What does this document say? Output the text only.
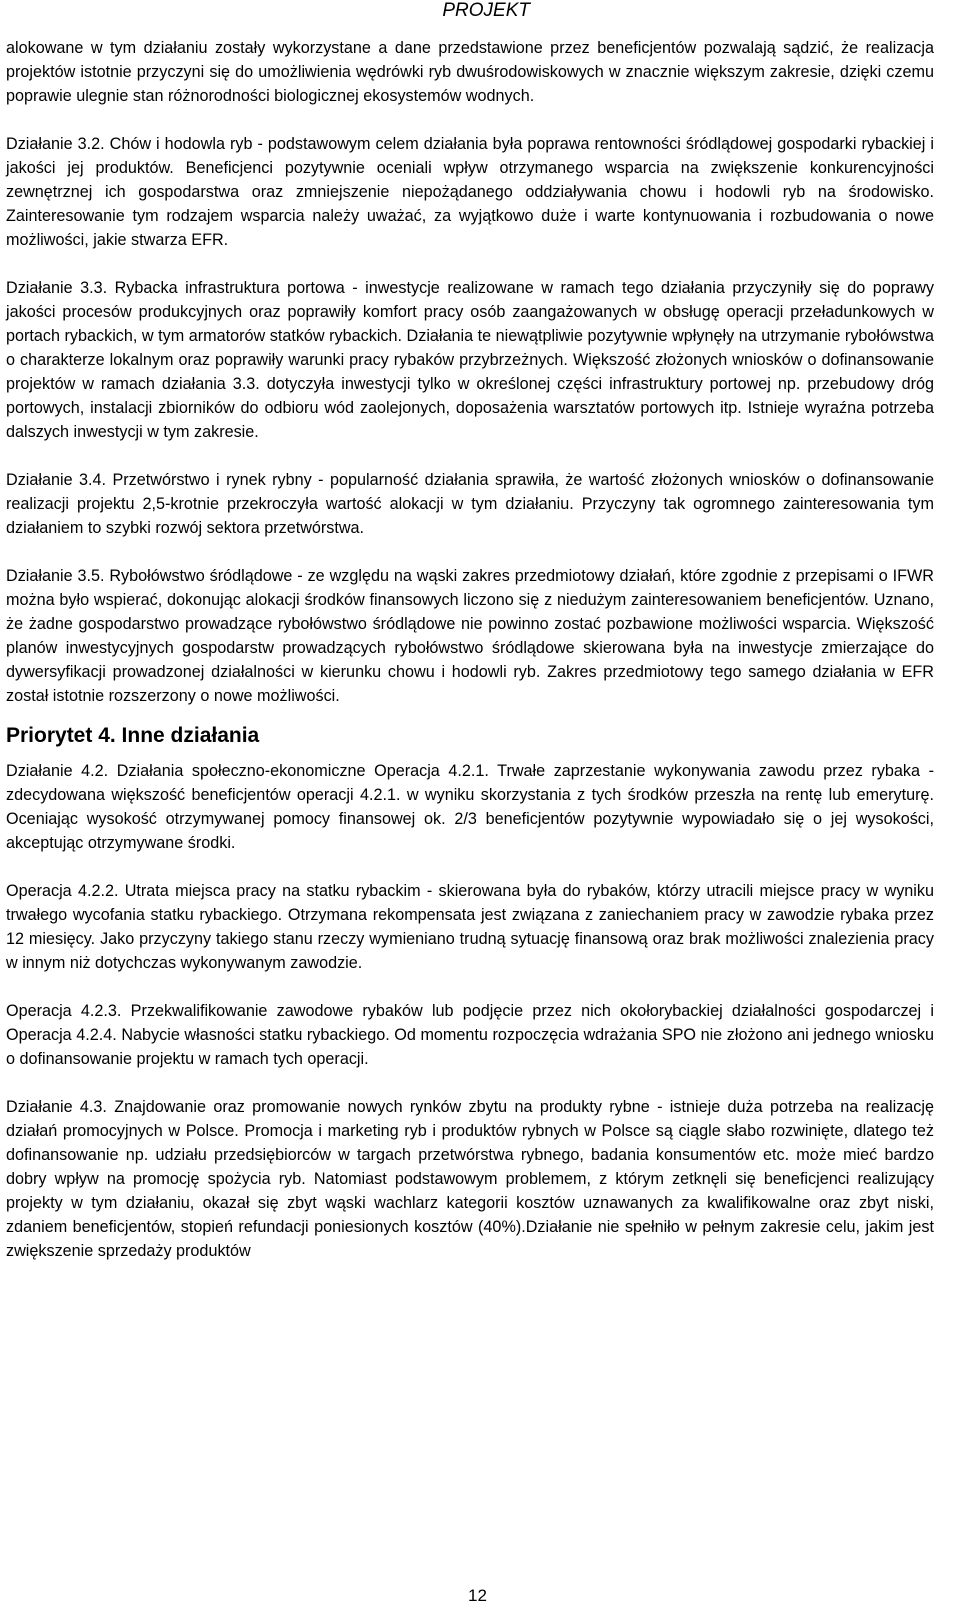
PROJEKT

alokowane w tym działaniu zostały wykorzystane a dane przedstawione przez beneficjentów pozwalają sądzić, że realizacja projektów istotnie przyczyni się do umożliwienia wędrówki ryb dwuśrodowiskowych w znacznie większym zakresie, dzięki czemu poprawie ulegnie stan różnorodności biologicznej ekosystemów wodnych.

Działanie 3.2. Chów i hodowla ryb - podstawowym celem działania była poprawa rentowności śródlądowej gospodarki rybackiej i jakości jej produktów. Beneficjenci pozytywnie oceniali wpływ otrzymanego wsparcia na zwiększenie konkurencyjności zewnętrznej ich gospodarstwa oraz zmniejszenie niepożądanego oddziaływania chowu i hodowli ryb na środowisko. Zainteresowanie tym rodzajem wsparcia należy uważać, za wyjątkowo duże i warte kontynuowania i rozbudowania o nowe możliwości, jakie stwarza EFR.

Działanie 3.3. Rybacka infrastruktura portowa - inwestycje realizowane w ramach tego działania przyczyniły się do poprawy jakości procesów produkcyjnych oraz poprawiły komfort pracy osób zaangażowanych w obsługę operacji przeładunkowych w portach rybackich, w tym armatorów statków rybackich. Działania te niewątpliwie pozytywnie wpłynęły na utrzymanie rybołówstwa o charakterze lokalnym oraz poprawiły warunki pracy rybaków przybrzeżnych. Większość złożonych wniosków o dofinansowanie projektów w ramach działania 3.3. dotyczyła inwestycji tylko w określonej części infrastruktury portowej np. przebudowy dróg portowych, instalacji zbiorników do odbioru wód zaolejonych, doposażenia warsztatów portowych itp. Istnieje wyraźna potrzeba dalszych inwestycji w tym zakresie.

Działanie 3.4. Przetwórstwo i rynek rybny - popularność działania sprawiła, że wartość złożonych wniosków o dofinansowanie realizacji projektu 2,5-krotnie przekroczyła wartość alokacji w tym działaniu. Przyczyny tak ogromnego zainteresowania tym działaniem to szybki rozwój sektora przetwórstwa.

Działanie 3.5. Rybołówstwo śródlądowe - ze względu na wąski zakres przedmiotowy działań, które zgodnie z przepisami o IFWR można było wspierać, dokonując alokacji środków finansowych liczono się z niedużym zainteresowaniem beneficjentów. Uznano, że żadne gospodarstwo prowadzące rybołówstwo śródlądowe nie powinno zostać pozbawione możliwości wsparcia. Większość planów inwestycyjnych gospodarstw prowadzących rybołówstwo śródlądowe skierowana była na inwestycje zmierzające do dywersyfikacji prowadzonej działalności w kierunku chowu i hodowli ryb. Zakres przedmiotowy tego samego działania w EFR został istotnie rozszerzony o nowe możliwości.

Priorytet 4. Inne działania

Działanie 4.2. Działania społeczno-ekonomiczne Operacja 4.2.1. Trwałe zaprzestanie wykonywania zawodu przez rybaka - zdecydowana większość beneficjentów operacji 4.2.1. w wyniku skorzystania z tych środków przeszła na rentę lub emeryturę. Oceniając wysokość otrzymywanej pomocy finansowej ok. 2/3 beneficjentów pozytywnie wypowiadało się o jej wysokości, akceptując otrzymywane środki.

Operacja 4.2.2. Utrata miejsca pracy na statku rybackim - skierowana była do rybaków, którzy utracili miejsce pracy w wyniku trwałego wycofania statku rybackiego. Otrzymana rekompensata jest związana z zaniechaniem pracy w zawodzie rybaka przez 12 miesięcy. Jako przyczyny takiego stanu rzeczy wymieniano trudną sytuację finansową oraz brak możliwości znalezienia pracy w innym niż dotychczas wykonywanym zawodzie.

Operacja 4.2.3. Przekwalifikowanie zawodowe rybaków lub podjęcie przez nich okołorybackiej działalności gospodarczej i Operacja 4.2.4. Nabycie własności statku rybackiego. Od momentu rozpoczęcia wdrażania SPO nie złożono ani jednego wniosku o dofinansowanie projektu w ramach tych operacji.

Działanie 4.3. Znajdowanie oraz promowanie nowych rynków zbytu na produkty rybne - istnieje duża potrzeba na realizację działań promocyjnych w Polsce. Promocja i marketing ryb i produktów rybnych w Polsce są ciągle słabo rozwinięte, dlatego też dofinansowanie np. udziału przedsiębiorców w targach przetwórstwa rybnego, badania konsumentów etc. może mieć bardzo dobry wpływ na promocję spożycia ryb. Natomiast podstawowym problemem, z którym zetknęli się beneficjenci realizujący projekty w tym działaniu, okazał się zbyt wąski wachlarz kategorii kosztów uznawanych za kwalifikowalne oraz zbyt niski, zdaniem beneficjentów, stopień refundacji poniesionych kosztów (40%).Działanie nie spełniło w pełnym zakresie celu, jakim jest zwiększenie sprzedaży produktów

12
